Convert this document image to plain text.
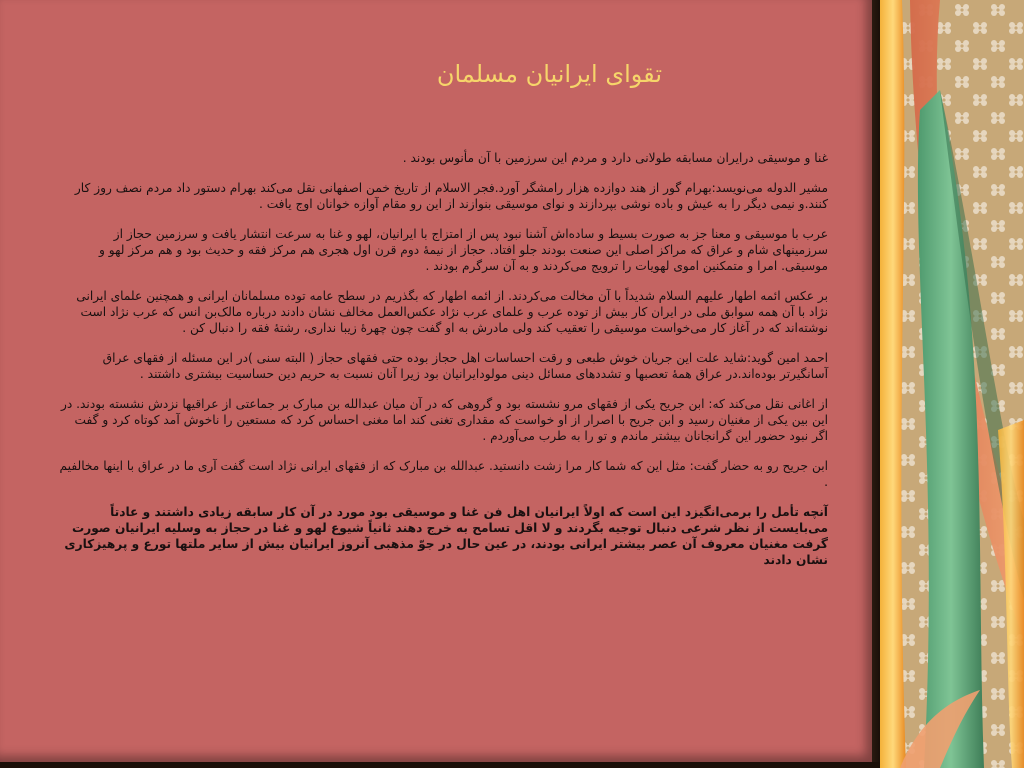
تقوای ایرانیان مسلمان

غنا و موسیقی درایران مسابقه طولانی دارد و مردم این سرزمین با آن مأنوس بودند .

مشیر الدوله می‌نویسد:بهرام گور از هند دوازده هزار رامشگر آورد.فجر الاسلام از تاریخ خمن اصفهانی نقل می‌کند بهرام دستور داد مردم نصف روز کار کنند.و نیمی دیگر را به عیش و باده نوشی بپردازند و نوای موسیقی بنوازند از این رو مقام آوازه خوانان اوج یافت .

عرب با موسیقی و معنا جز به صورت بسیط و ساده‌اش آشنا نبود پس از امتزاج با ایرانیان، لهو و غنا به سرعت انتشار یافت و سرزمین حجاز از سرزمینهای شام و عراق که مراکز اصلی این صنعت بودند جلو افتاد. حجاز از نیمهٔ دوم قرن اول هجری هم مرکز فقه و حدیث بود و هم مرکز لهو و موسیقی. امرا و متمکنین اموی لهویات را ترویج می‌کردند و به آن سرگرم بودند .

بر عکس ائمه اطهار علیهم السلام شدیداً با آن مخالت می‌کردند. از ائمه اطهار که بگذریم در سطح عامه توده مسلمانان ایرانی و همچنین علمای ایرانی نژاد با آن همه سوابق ملی در ایران کار بیش از توده عرب و علمای عرب نژاد عکس‌العمل مخالف نشان دادند درباره مالک‌بن انس که عرب نژاد است نوشته‌اند که در آغاز کار می‌خواست موسیقی را تعقیب کند ولی مادرش به او گفت چون چهرهٔ زیبا نداری، رشتهٔ فقه را دنبال کن .

احمد امین گوید:شاید علت این جریان خوش طبعی و رقت احساسات اهل حجاز بوده حتی فقهای حجاز ( البته سنی )در این مسئله از فقهای عراق آسانگیرتر بوده‌اند.در عراق همهٔ تعصبها و تشددهای مسائل دینی مولودایرانیان بود زیرا آنان نسبت به حریم دین حساسیت بیشتری داشتند .

از اغانی نقل می‌کند که: ابن جریح یکی از فقهای مرو نشسته بود و گروهی که در آن میان عبدالله بن مبارک بر جماعتی از عراقیها نزدش نشسته بودند. در این بین یکی از مغنیان رسید و ابن جریح با اصرار از او خواست که مقداری تغنی کند اما مغنی احساس کرد که مستعین را ناخوش آمد کوتاه کرد و گفت اگر نبود حضور این گرانجانان بیشتر ماندم و تو را به طرب می‌آوردم .

ابن جریح رو به حضار گفت: مثل این که شما کار مرا زشت دانستید. عبدالله بن مبارک که از فقهای ایرانی نژاد است گفت آری ما در عراق با اینها مخالفیم .

آنچه تأمل را برمی‌انگیزد این است که اولاً ایرانیان اهل فن غنا و موسیقی بود مورد در آن کار سابقه زیادی داشتند و عادتاً می‌بایست از نظر شرعی دنبال توجیه بگردند و لا اقل تسامح به خرج دهند ثانیاً شیوع لهو و غنا در حجاز به وسلیه ایرانیان صورت گرفت مغنیان معروف آن عصر بیشتر ایرانی بودند، در عین حال در جوّ مذهبی آنروز ایرانیان بیش از سایر ملتها تورع و پرهیزکاری نشان دادند
